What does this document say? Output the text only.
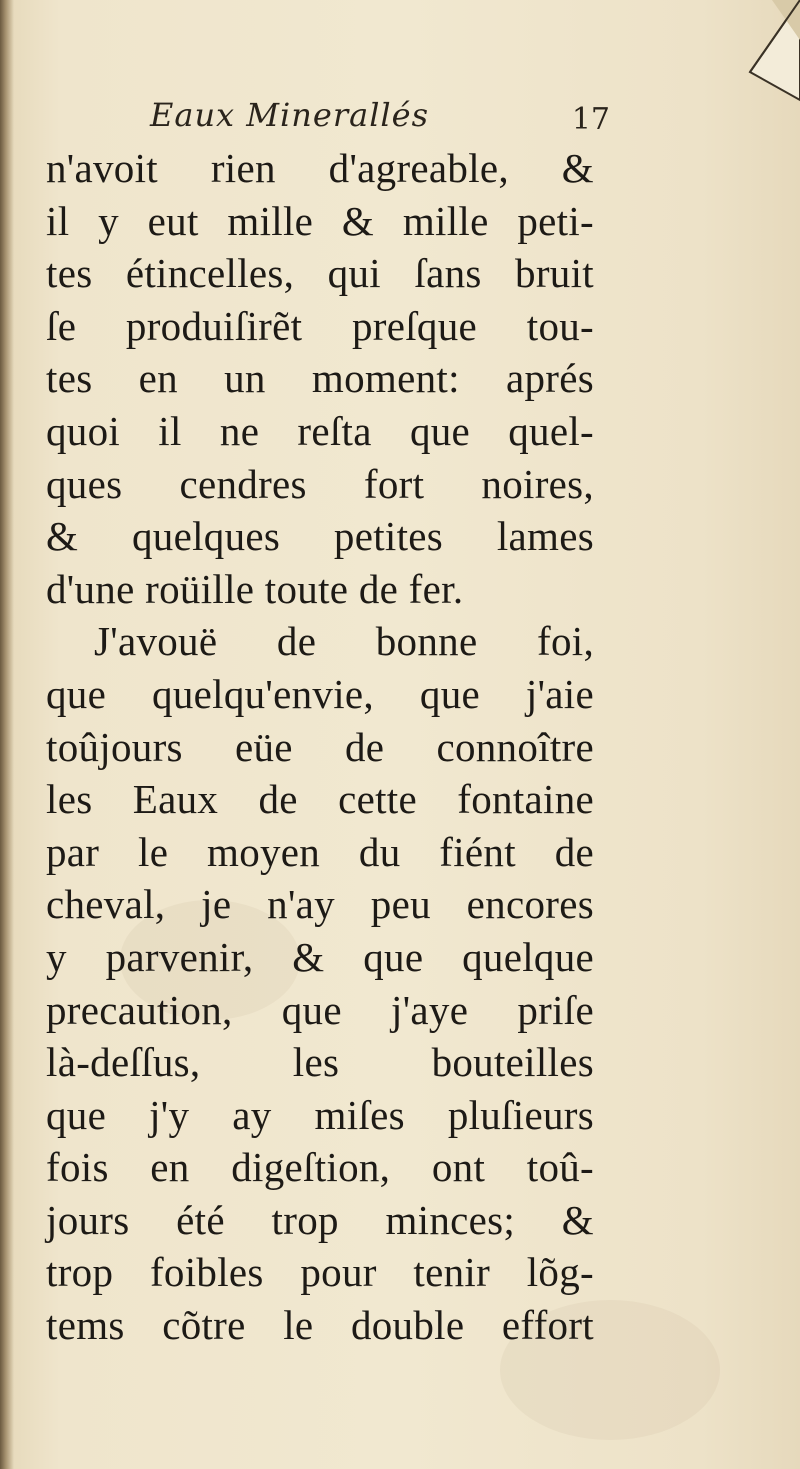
Eaux Minerallés	17
n'avoit rien d'agreable, &
il y eut mille & mille peti-
tes étincelles, qui ſans bruit
ſe produiſirẽt preſque tou-
tes en un moment: aprés
quoi il ne reſta que quel-
ques cendres fort noires,
& quelques petites lames
d'une roüille toute de fer.
J'avouë de bonne foi,
que quelqu'envie, que j'aie
toûjours eüe de connoître
les Eaux de cette fontaine
par le moyen du fiént de
cheval, je n'ay peu encores
y parvenir, & que quelque
precaution, que j'aye priſe
là-deſſus, les bouteilles
que j'y ay miſes pluſieurs
fois en digeſtion, ont toû-
jours été trop minces; &
trop foibles pour tenir lõg-
tems cõtre le double effort
